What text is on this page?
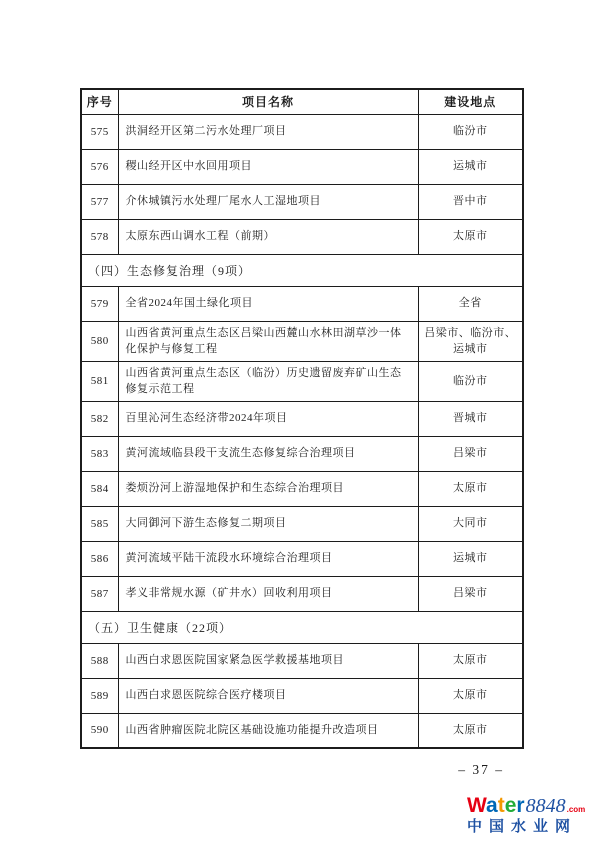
序号	项目名称	建设地点
575	洪洞经开区第二污水处理厂项目	临汾市
576	稷山经开区中水回用项目	运城市
577	介休城镇污水处理厂尾水人工湿地项目	晋中市
578	太原东西山调水工程（前期）	太原市
（四）生态修复治理（9项）		
579	全省2024年国土绿化项目	全省
580	山西省黄河重点生态区吕梁山西麓山水林田湖草沙一体化保护与修复工程	吕梁市、临汾市、运城市
581	山西省黄河重点生态区（临汾）历史遗留废弃矿山生态修复示范工程	临汾市
582	百里沁河生态经济带2024年项目	晋城市
583	黄河流域临县段干支流生态修复综合治理项目	吕梁市
584	娄烦汾河上游湿地保护和生态综合治理项目	太原市
585	大同御河下游生态修复二期项目	大同市
586	黄河流域平陆干流段水环境综合治理项目	运城市
587	孝义非常规水源（矿井水）回收利用项目	吕梁市
（五）卫生健康（22项）		
588	山西白求恩医院国家紧急医学救援基地项目	太原市
589	山西白求恩医院综合医疗楼项目	太原市
590	山西省肿瘤医院北院区基础设施功能提升改造项目	太原市
– 37 –
Water 8848 .com
中国水业网
